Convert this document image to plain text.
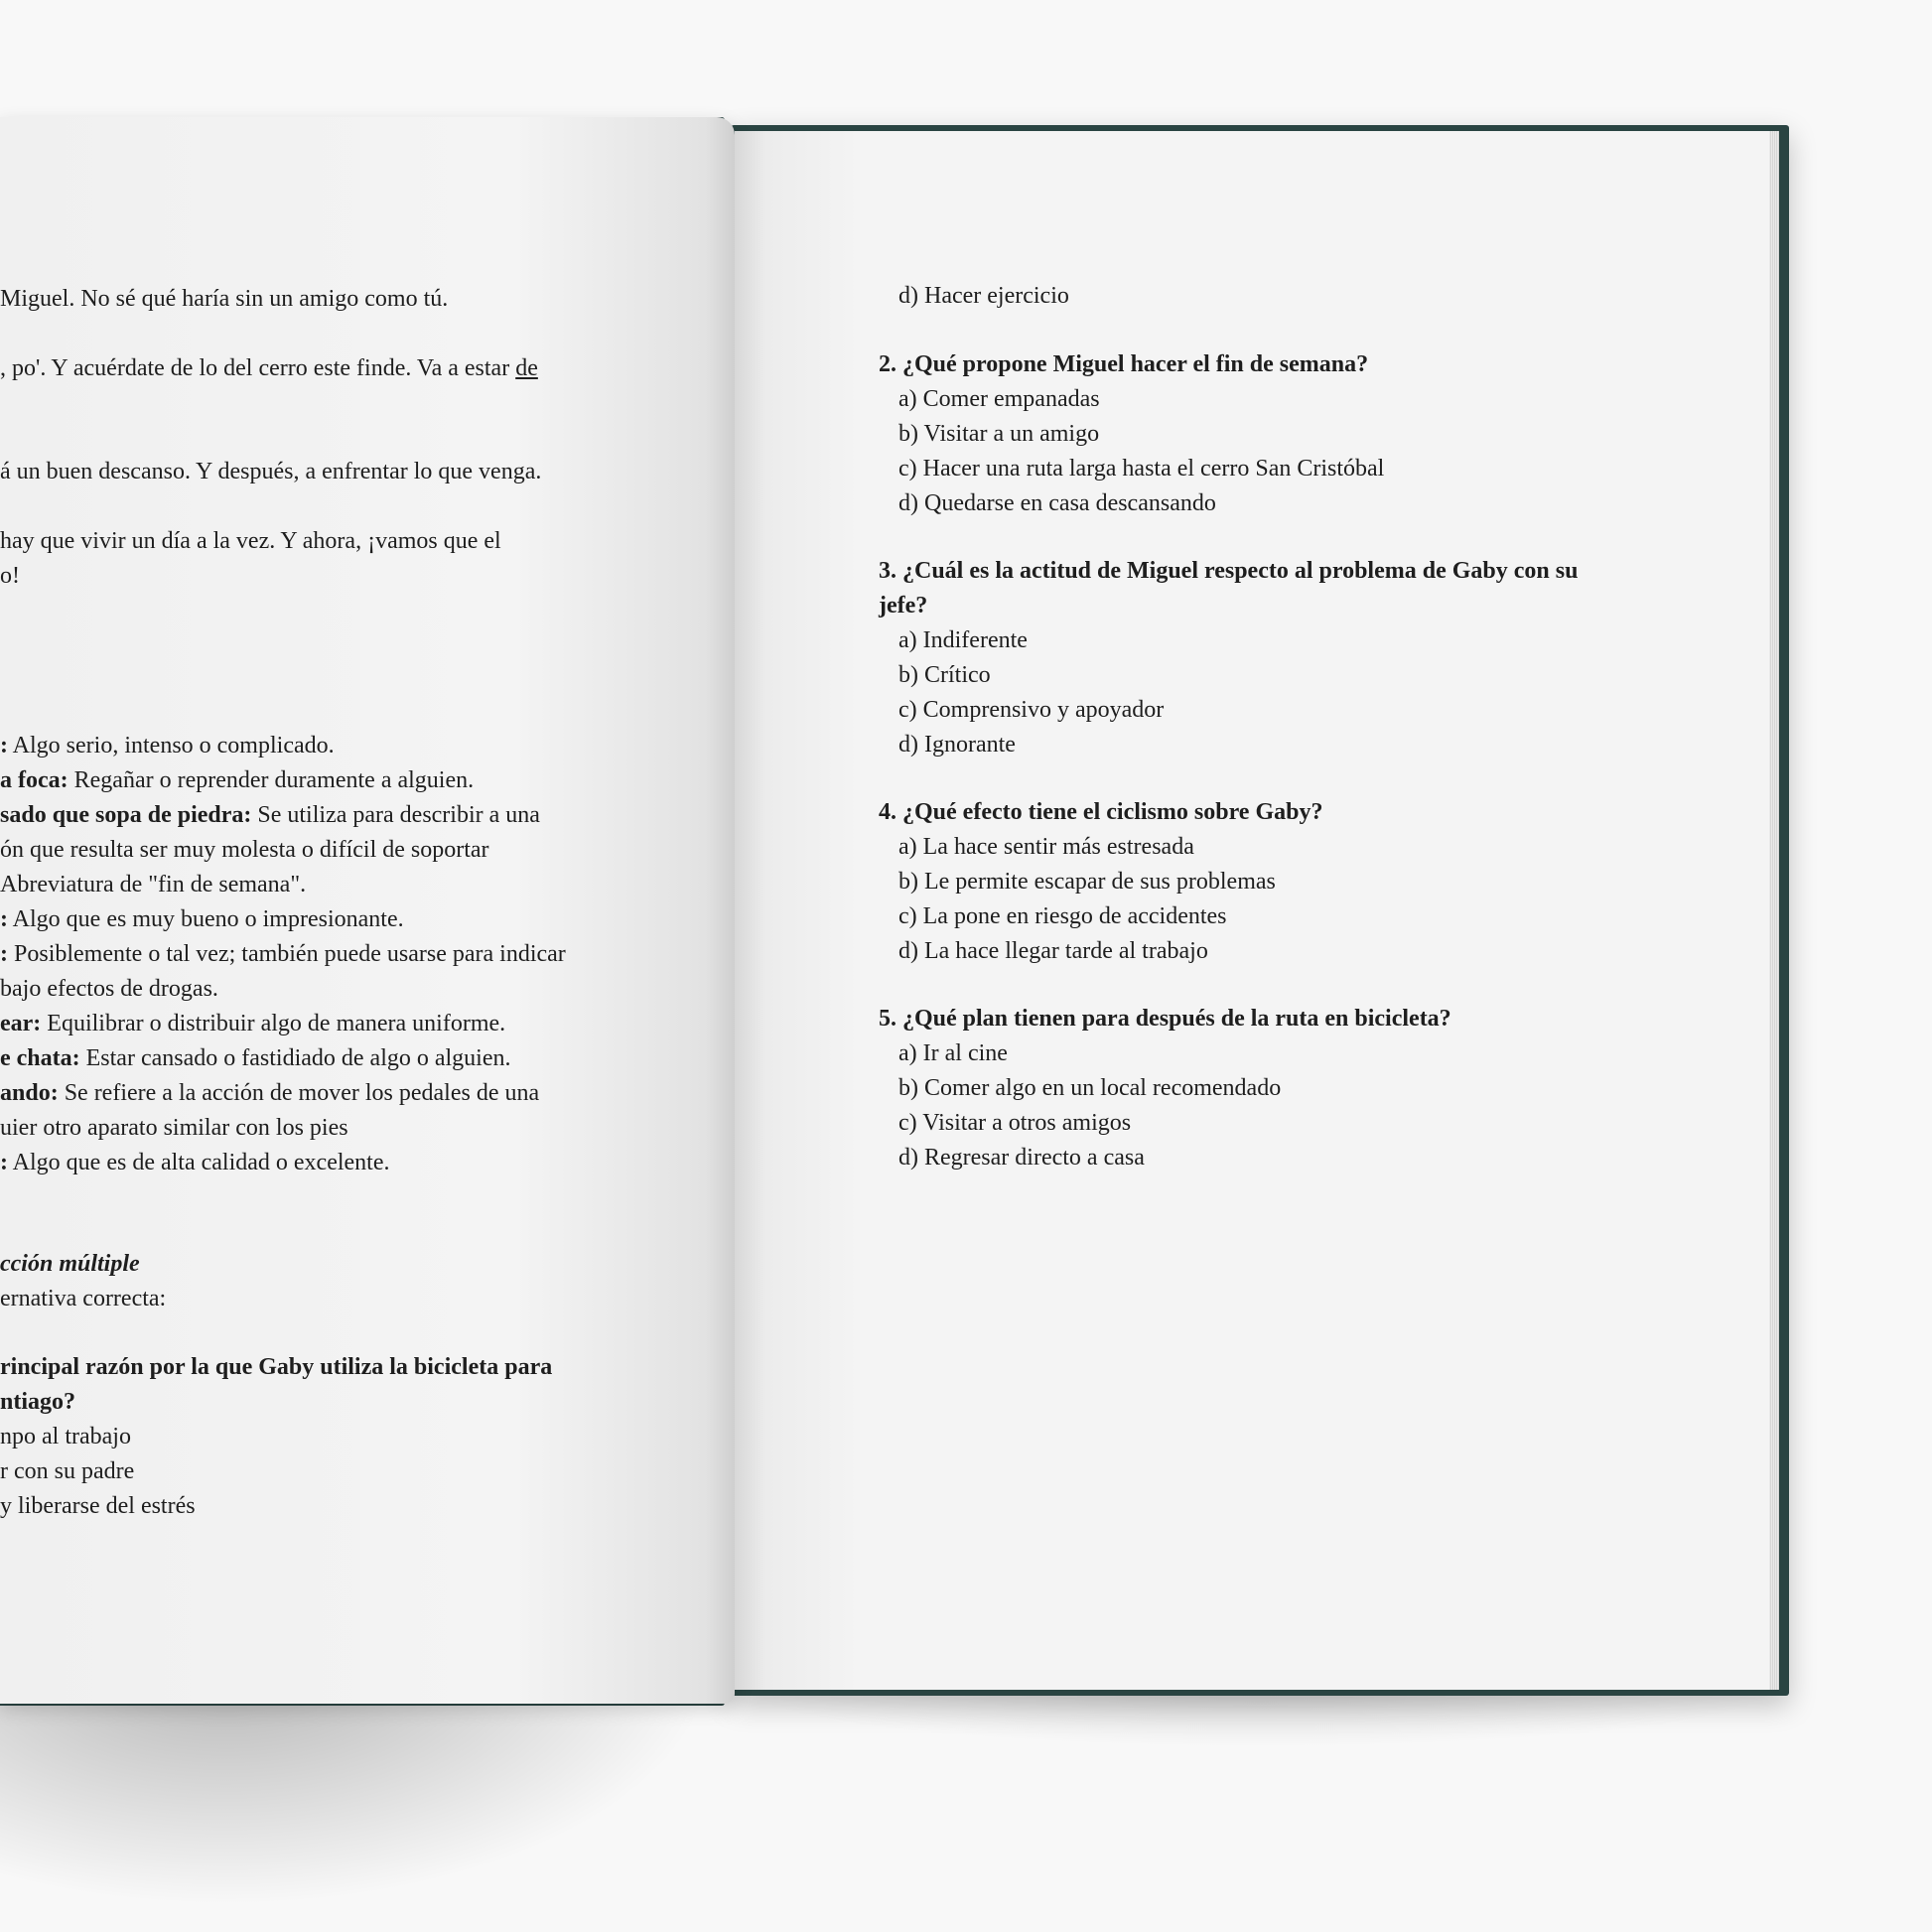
Miguel. No sé qué haría sin un amigo como tú.
, po'. Y acuérdate de lo del cerro este finde. Va a estar de
á un buen descanso. Y después, a enfrentar lo que venga.
hay que vivir un día a la vez. Y ahora, ¡vamos que el
o!
: Algo serio, intenso o complicado.
a foca: Regañar o reprender duramente a alguien.
sado que sopa de piedra: Se utiliza para describir a una
ón que resulta ser muy molesta o difícil de soportar
Abreviatura de "fin de semana".
: Algo que es muy bueno o impresionante.
: Posiblemente o tal vez; también puede usarse para indicar
bajo efectos de drogas.
ear: Equilibrar o distribuir algo de manera uniforme.
e chata: Estar cansado o fastidiado de algo o alguien.
ando: Se refiere a la acción de mover los pedales de una
uier otro aparato similar con los pies
: Algo que es de alta calidad o excelente.
cción múltiple
ernativa correcta:
rincipal razón por la que Gaby utiliza la bicicleta para
ntiago?
npo al trabajo
r con su padre
y liberarse del estrés
d) Hacer ejercicio
2. ¿Qué propone Miguel hacer el fin de semana?
a) Comer empanadas
b) Visitar a un amigo
c) Hacer una ruta larga hasta el cerro San Cristóbal
d) Quedarse en casa descansando
3. ¿Cuál es la actitud de Miguel respecto al problema de Gaby con su
jefe?
a) Indiferente
b) Crítico
c) Comprensivo y apoyador
d) Ignorante
4. ¿Qué efecto tiene el ciclismo sobre Gaby?
a) La hace sentir más estresada
b) Le permite escapar de sus problemas
c) La pone en riesgo de accidentes
d) La hace llegar tarde al trabajo
5. ¿Qué plan tienen para después de la ruta en bicicleta?
a) Ir al cine
b) Comer algo en un local recomendado
c) Visitar a otros amigos
d) Regresar directo a casa
